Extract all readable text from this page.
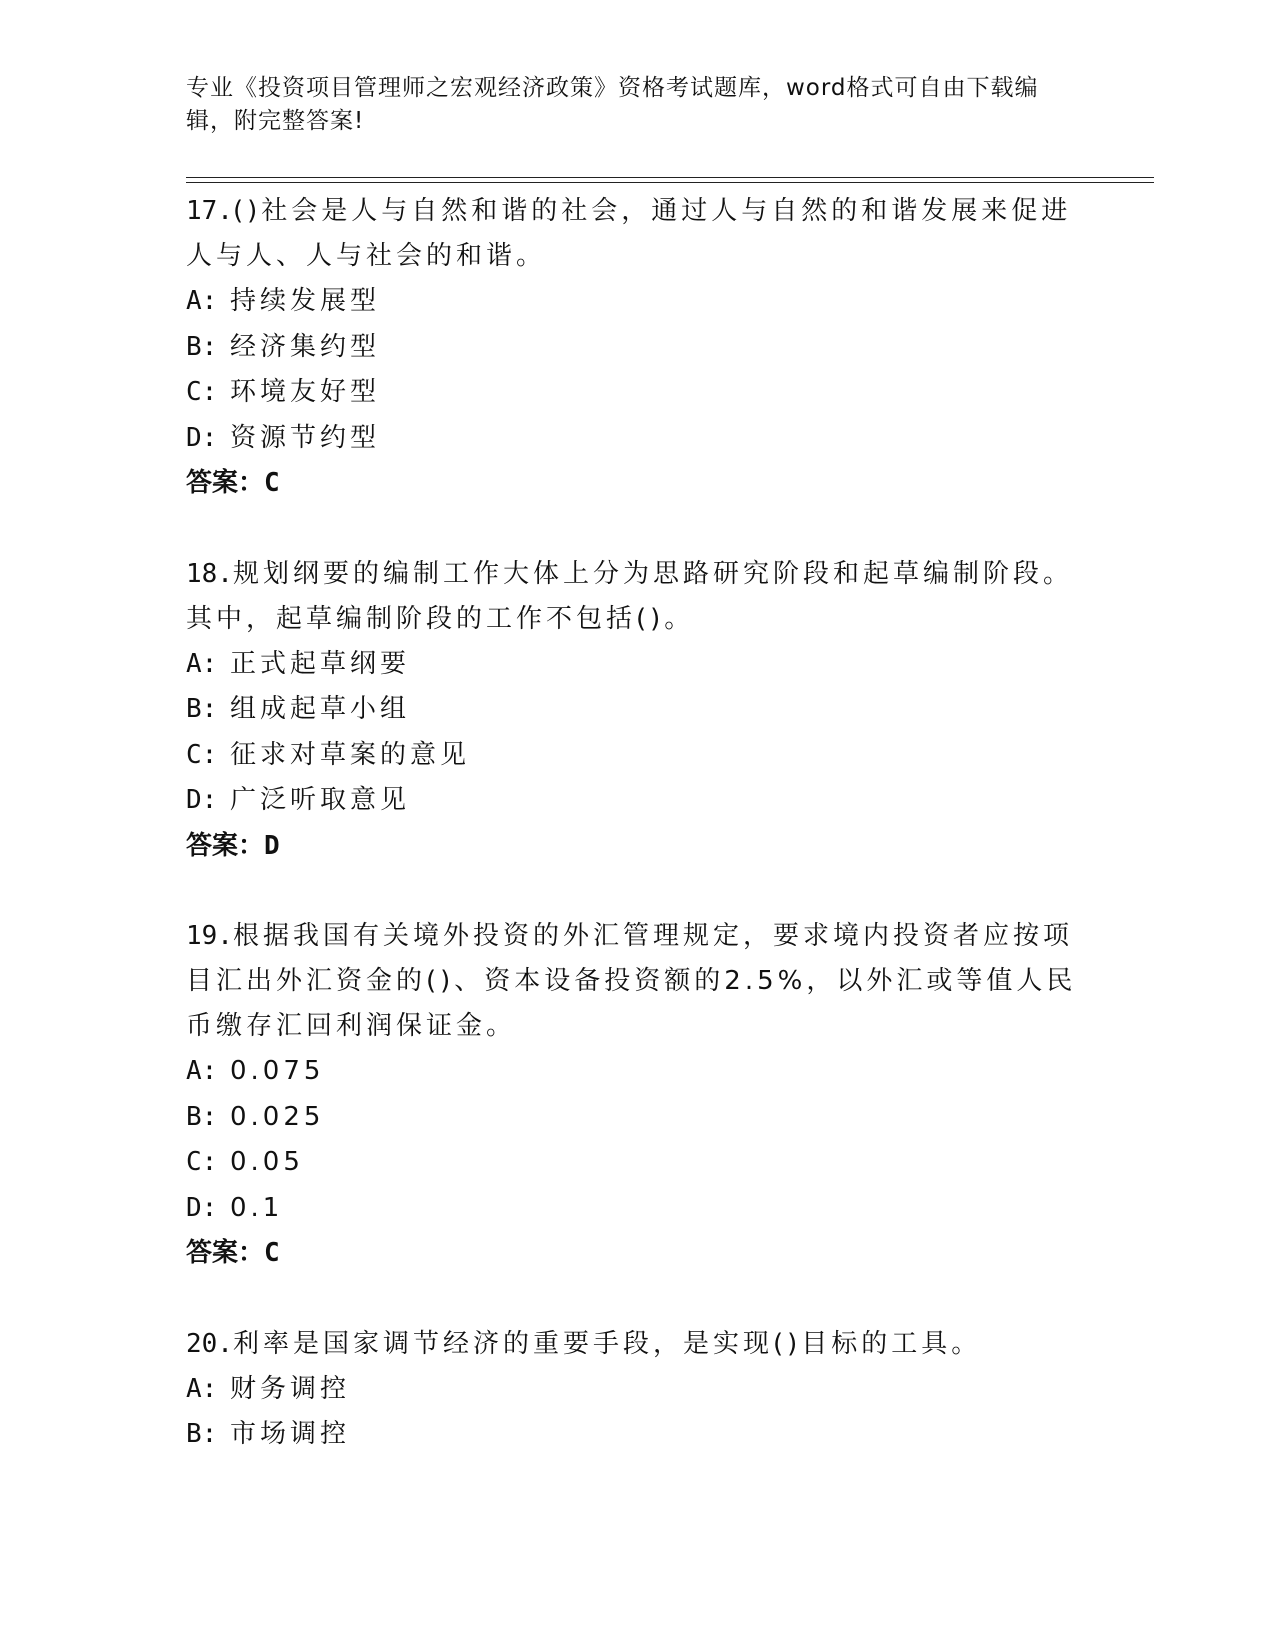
专业《投资项目管理师之宏观经济政策》资格考试题库，word格式可自由下载编辑，附完整答案!

17.()社会是人与自然和谐的社会，通过人与自然的和谐发展来促进人与人、人与社会的和谐。

A: 持续发展型
B: 经济集约型
C: 环境友好型
D: 资源节约型
答案：C

18.规划纲要的编制工作大体上分为思路研究阶段和起草编制阶段。其中，起草编制阶段的工作不包括()。

A: 正式起草纲要
B: 组成起草小组
C: 征求对草案的意见
D: 广泛听取意见
答案：D

19.根据我国有关境外投资的外汇管理规定，要求境内投资者应按项目汇出外汇资金的()、资本设备投资额的2.5%，以外汇或等值人民币缴存汇回利润保证金。

A: 0.075
B: 0.025
C: 0.05
D: 0.1
答案：C

20.利率是国家调节经济的重要手段，是实现()目标的工具。

A: 财务调控
B: 市场调控
